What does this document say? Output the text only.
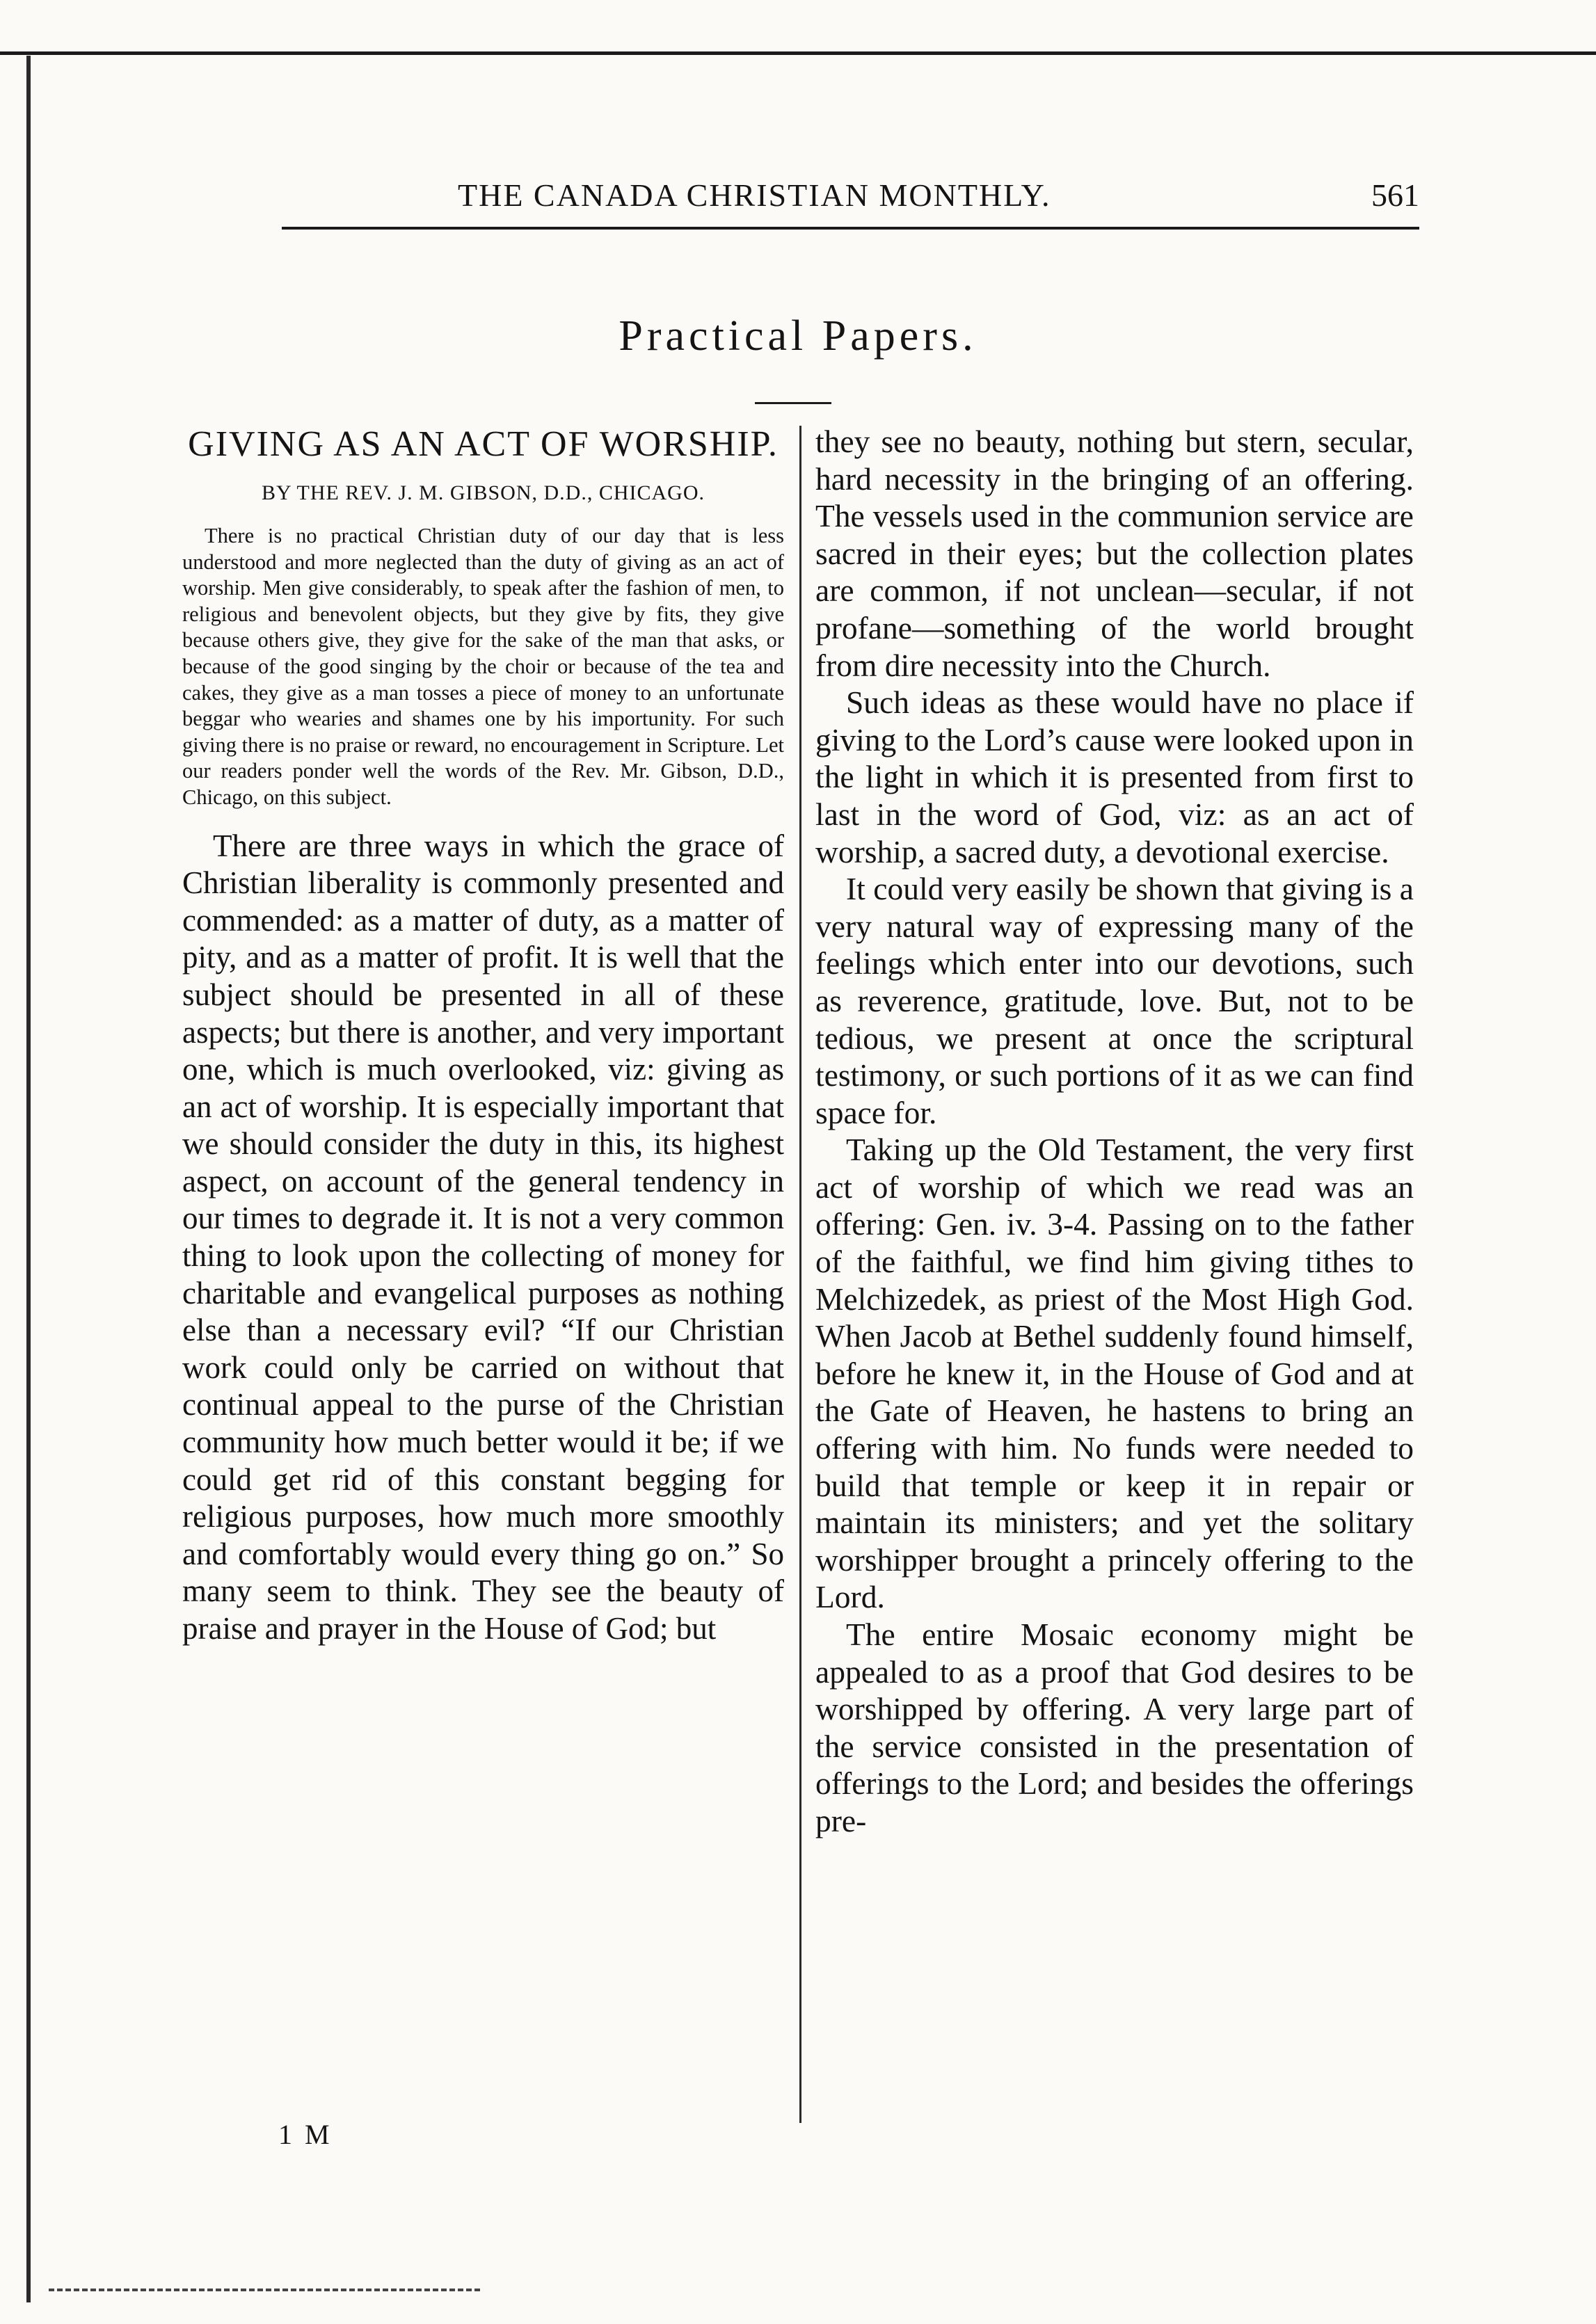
THE CANADA CHRISTIAN MONTHLY.	561
Practical Papers.
GIVING AS AN ACT OF WORSHIP.
BY THE REV. J. M. GIBSON, D.D., CHICAGO.

There is no practical Christian duty of our day that is less understood and more neglected than the duty of giving as an act of worship. Men give considerably, to speak after the fashion of men, to religious and benevolent objects, but they give by fits, they give because others give, they give for the sake of the man that asks, or because of the good singing by the choir or because of the tea and cakes, they give as a man tosses a piece of money to an unfortunate beggar who wearies and shames one by his importunity. For such giving there is no praise or reward, no encouragement in Scripture. Let our readers ponder well the words of the Rev. Mr. Gibson, D.D., Chicago, on this subject.

There are three ways in which the grace of Christian liberality is commonly presented and commended: as a matter of duty, as a matter of pity, and as a matter of profit. It is well that the subject should be presented in all of these aspects; but there is another, and very important one, which is much overlooked, viz: giving as an act of worship. It is especially important that we should consider the duty in this, its highest aspect, on account of the general tendency in our times to degrade it. It is not a very common thing to look upon the collecting of money for charitable and evangelical purposes as nothing else than a necessary evil? “If our Christian work could only be carried on without that continual appeal to the purse of the Christian community how much better would it be; if we could get rid of this constant begging for religious purposes, how much more smoothly and comfortably would every thing go on.” So many seem to think. They see the beauty of praise and prayer in the House of God; but

they see no beauty, nothing but stern, secular, hard necessity in the bringing of an offering. The vessels used in the communion service are sacred in their eyes; but the collection plates are common, if not unclean—secular, if not profane—something of the world brought from dire necessity into the Church.

Such ideas as these would have no place if giving to the Lord’s cause were looked upon in the light in which it is presented from first to last in the word of God, viz: as an act of worship, a sacred duty, a devotional exercise.

It could very easily be shown that giving is a very natural way of expressing many of the feelings which enter into our devotions, such as reverence, gratitude, love. But, not to be tedious, we present at once the scriptural testimony, or such portions of it as we can find space for.

Taking up the Old Testament, the very first act of worship of which we read was an offering: Gen. iv. 3-4. Passing on to the father of the faithful, we find him giving tithes to Melchizedek, as priest of the Most High God. When Jacob at Bethel suddenly found himself, before he knew it, in the House of God and at the Gate of Heaven, he hastens to bring an offering with him. No funds were needed to build that temple or keep it in repair or maintain its ministers; and yet the solitary worshipper brought a princely offering to the Lord.

The entire Mosaic economy might be appealed to as a proof that God desires to be worshipped by offering. A very large part of the service consisted in the presentation of offerings to the Lord; and besides the offerings pre-

1 M
